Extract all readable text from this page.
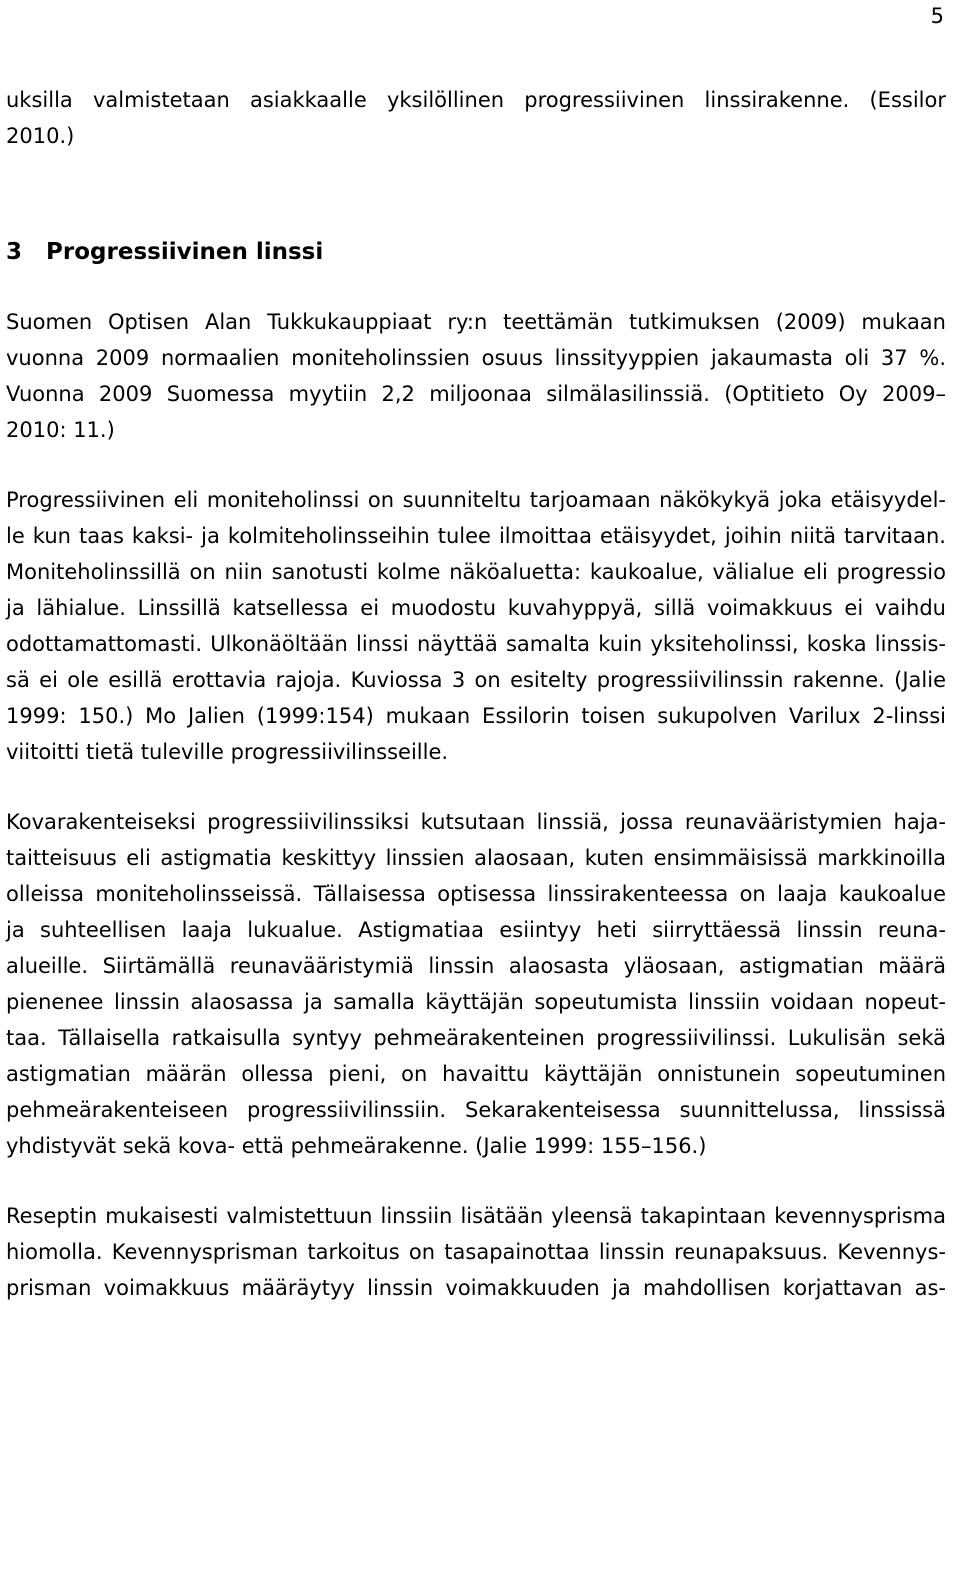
5
uksilla valmistetaan asiakkaalle yksilöllinen progressiivinen linssirakenne. (Essilor
2010.)
3 Progressiivinen linssi
Suomen Optisen Alan Tukkukauppiaat ry:n teettämän tutkimuksen (2009) mukaan
vuonna 2009 normaalien moniteholinssien osuus linssityyppien jakaumasta oli 37 %.
Vuonna 2009 Suomessa myytiin 2,2 miljoonaa silmälasilinssiä. (Optitieto Oy 2009–
2010: 11.)
Progressiivinen eli moniteholinssi on suunniteltu tarjoamaan näkökykyä joka etäisyydel-
le kun taas kaksi- ja kolmiteholinsseihin tulee ilmoittaa etäisyydet, joihin niitä tarvitaan.
Moniteholinssillä on niin sanotusti kolme näköaluetta: kaukoalue, välialue eli progressio
ja lähialue. Linssillä katsellessa ei muodostu kuvahyppyä, sillä voimakkuus ei vaihdu
odottamattomasti. Ulkonäöltään linssi näyttää samalta kuin yksiteholinssi, koska linssis-
sä ei ole esillä erottavia rajoja. Kuviossa 3 on esitelty progressiivilinssin rakenne. (Jalie
1999: 150.) Mo Jalien (1999:154) mukaan Essilorin toisen sukupolven Varilux 2-linssi
viitoitti tietä tuleville progressiivilinsseille.
Kovarakenteiseksi progressiivilinssiksi kutsutaan linssiä, jossa reunavääristymien haja-
taitteisuus eli astigmatia keskittyy linssien alaosaan, kuten ensimmäisissä markkinoilla
olleissa moniteholinsseissä. Tällaisessa optisessa linssirakenteessa on laaja kaukoalue
ja suhteellisen laaja lukualue. Astigmatiaa esiintyy heti siirryttäessä linssin reuna-
alueille. Siirtämällä reunavääristymiä linssin alaosasta yläosaan, astigmatian määrä
pienenee linssin alaosassa ja samalla käyttäjän sopeutumista linssiin voidaan nopeut-
taa. Tällaisella ratkaisulla syntyy pehmeärakenteinen progressiivilinssi. Lukulisän sekä
astigmatian määrän ollessa pieni, on havaittu käyttäjän onnistunein sopeutuminen
pehmeärakenteiseen progressiivilinssiin. Sekarakenteisessa suunnittelussa, linssissä
yhdistyvät sekä kova- että pehmeärakenne. (Jalie 1999: 155–156.)
Reseptin mukaisesti valmistettuun linssiin lisätään yleensä takapintaan kevennysprisma
hiomolla. Kevennysprisman tarkoitus on tasapainottaa linssin reunapaksuus. Kevennys-
prisman voimakkuus määräytyy linssin voimakkuuden ja mahdollisen korjattavan as-
